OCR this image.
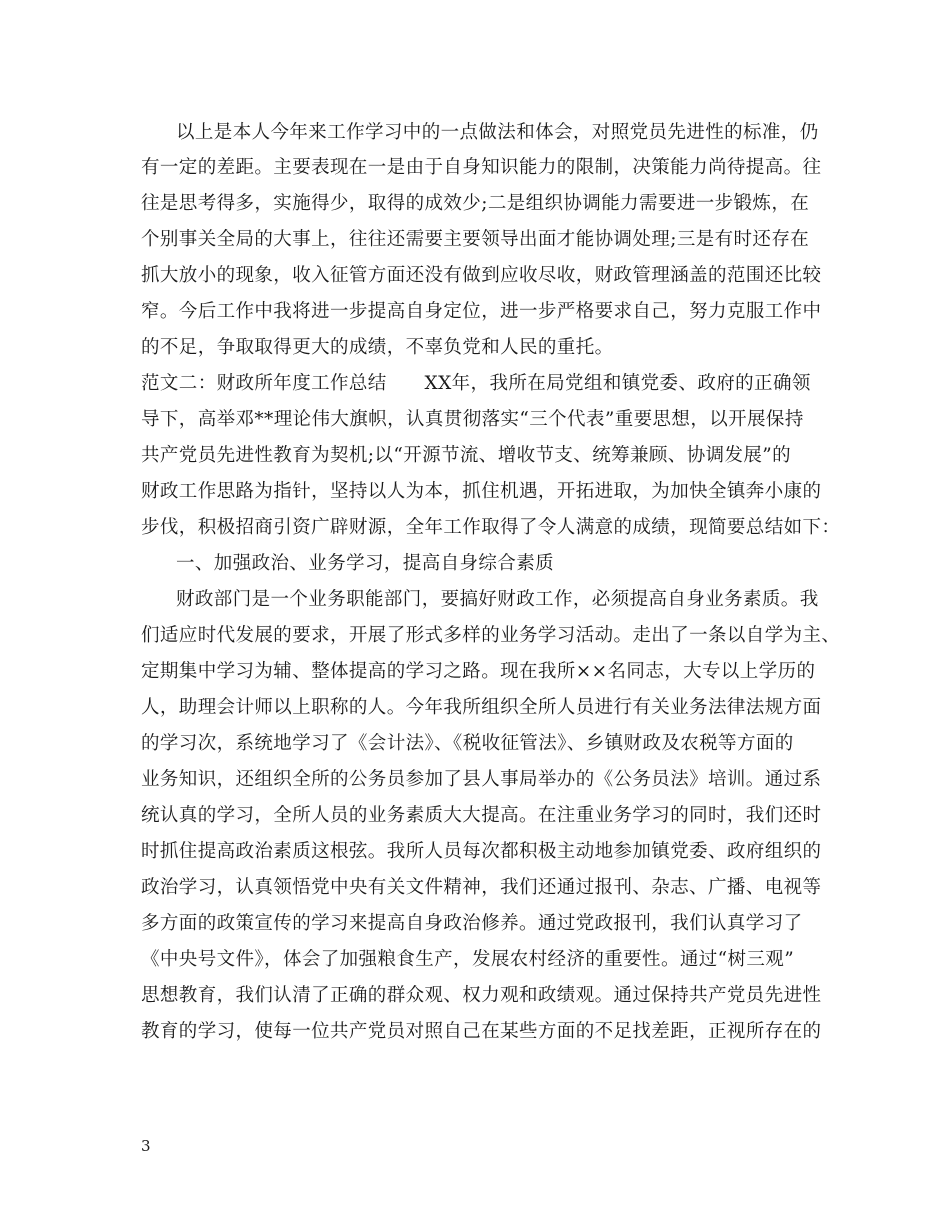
以上是本人今年来工作学习中的一点做法和体会，对照党员先进性的标准，仍
有一定的差距。主要表现在一是由于自身知识能力的限制，决策能力尚待提高。往
往是思考得多，实施得少，取得的成效少;二是组织协调能力需要进一步锻炼，在
个别事关全局的大事上，往往还需要主要领导出面才能协调处理;三是有时还存在
抓大放小的现象，收入征管方面还没有做到应收尽收，财政管理涵盖的范围还比较
窄。今后工作中我将进一步提高自身定位，进一步严格要求自己，努力克服工作中
的不足，争取取得更大的成绩，不辜负党和人民的重托。
范文二：财政所年度工作总结　　XX年，我所在局党组和镇党委、政府的正确领
导下，高举邓**理论伟大旗帜，认真贯彻落实“三个代表”重要思想，以开展保持
共产党员先进性教育为契机;以“开源节流、增收节支、统筹兼顾、协调发展”的
财政工作思路为指针，坚持以人为本，抓住机遇，开拓进取，为加快全镇奔小康的
步伐，积极招商引资广辟财源，全年工作取得了令人满意的成绩，现简要总结如下：
一、加强政治、业务学习，提高自身综合素质
财政部门是一个业务职能部门，要搞好财政工作，必须提高自身业务素质。我
们适应时代发展的要求，开展了形式多样的业务学习活动。走出了一条以自学为主、
定期集中学习为辅、整体提高的学习之路。现在我所××名同志，大专以上学历的
人，助理会计师以上职称的人。今年我所组织全所人员进行有关业务法律法规方面
的学习次，系统地学习了《会计法》、《税收征管法》、乡镇财政及农税等方面的
业务知识，还组织全所的公务员参加了县人事局举办的《公务员法》培训。通过系
统认真的学习，全所人员的业务素质大大提高。在注重业务学习的同时，我们还时
时抓住提高政治素质这根弦。我所人员每次都积极主动地参加镇党委、政府组织的
政治学习，认真领悟党中央有关文件精神，我们还通过报刊、杂志、广播、电视等
多方面的政策宣传的学习来提高自身政治修养。通过党政报刊，我们认真学习了
《中央号文件》，体会了加强粮食生产，发展农村经济的重要性。通过“树三观”
思想教育，我们认清了正确的群众观、权力观和政绩观。通过保持共产党员先进性
教育的学习，使每一位共产党员对照自己在某些方面的不足找差距，正视所存在的
3
